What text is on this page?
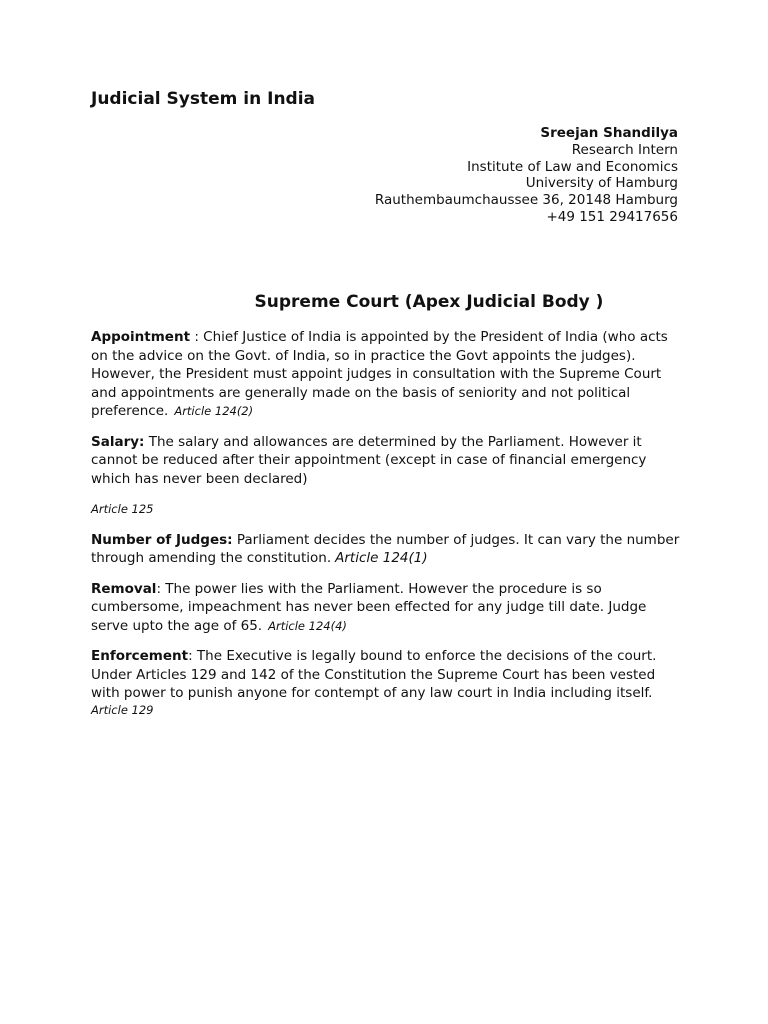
Judicial System in India
Sreejan Shandilya
Research Intern
Institute of Law and Economics
University of Hamburg
Rauthembaumchaussee 36, 20148 Hamburg
+49 151 29417656
Supreme Court (Apex Judicial Body )

Appointment : Chief Justice of India is appointed by the President of India (who acts on the advice on the Govt. of India, so in practice the Govt appoints the judges). However, the President must appoint judges in consultation with the Supreme Court and appointments are generally made on the basis of seniority and not political preference. Article 124(2)

Salary: The salary and allowances are determined by the Parliament. However it cannot be reduced after their appointment (except in case of financial emergency which has never been declared)

Article 125

Number of Judges: Parliament decides the number of judges. It can vary the number through amending the constitution. Article 124(1)

Removal: The power lies with the Parliament. However the procedure is so cumbersome, impeachment has never been effected for any judge till date. Judge serve upto the age of 65. Article 124(4)

Enforcement: The Executive is legally bound to enforce the decisions of the court. Under Articles 129 and 142 of the Constitution the Supreme Court has been vested with power to punish anyone for contempt of any law court in India including itself.
Article 129
